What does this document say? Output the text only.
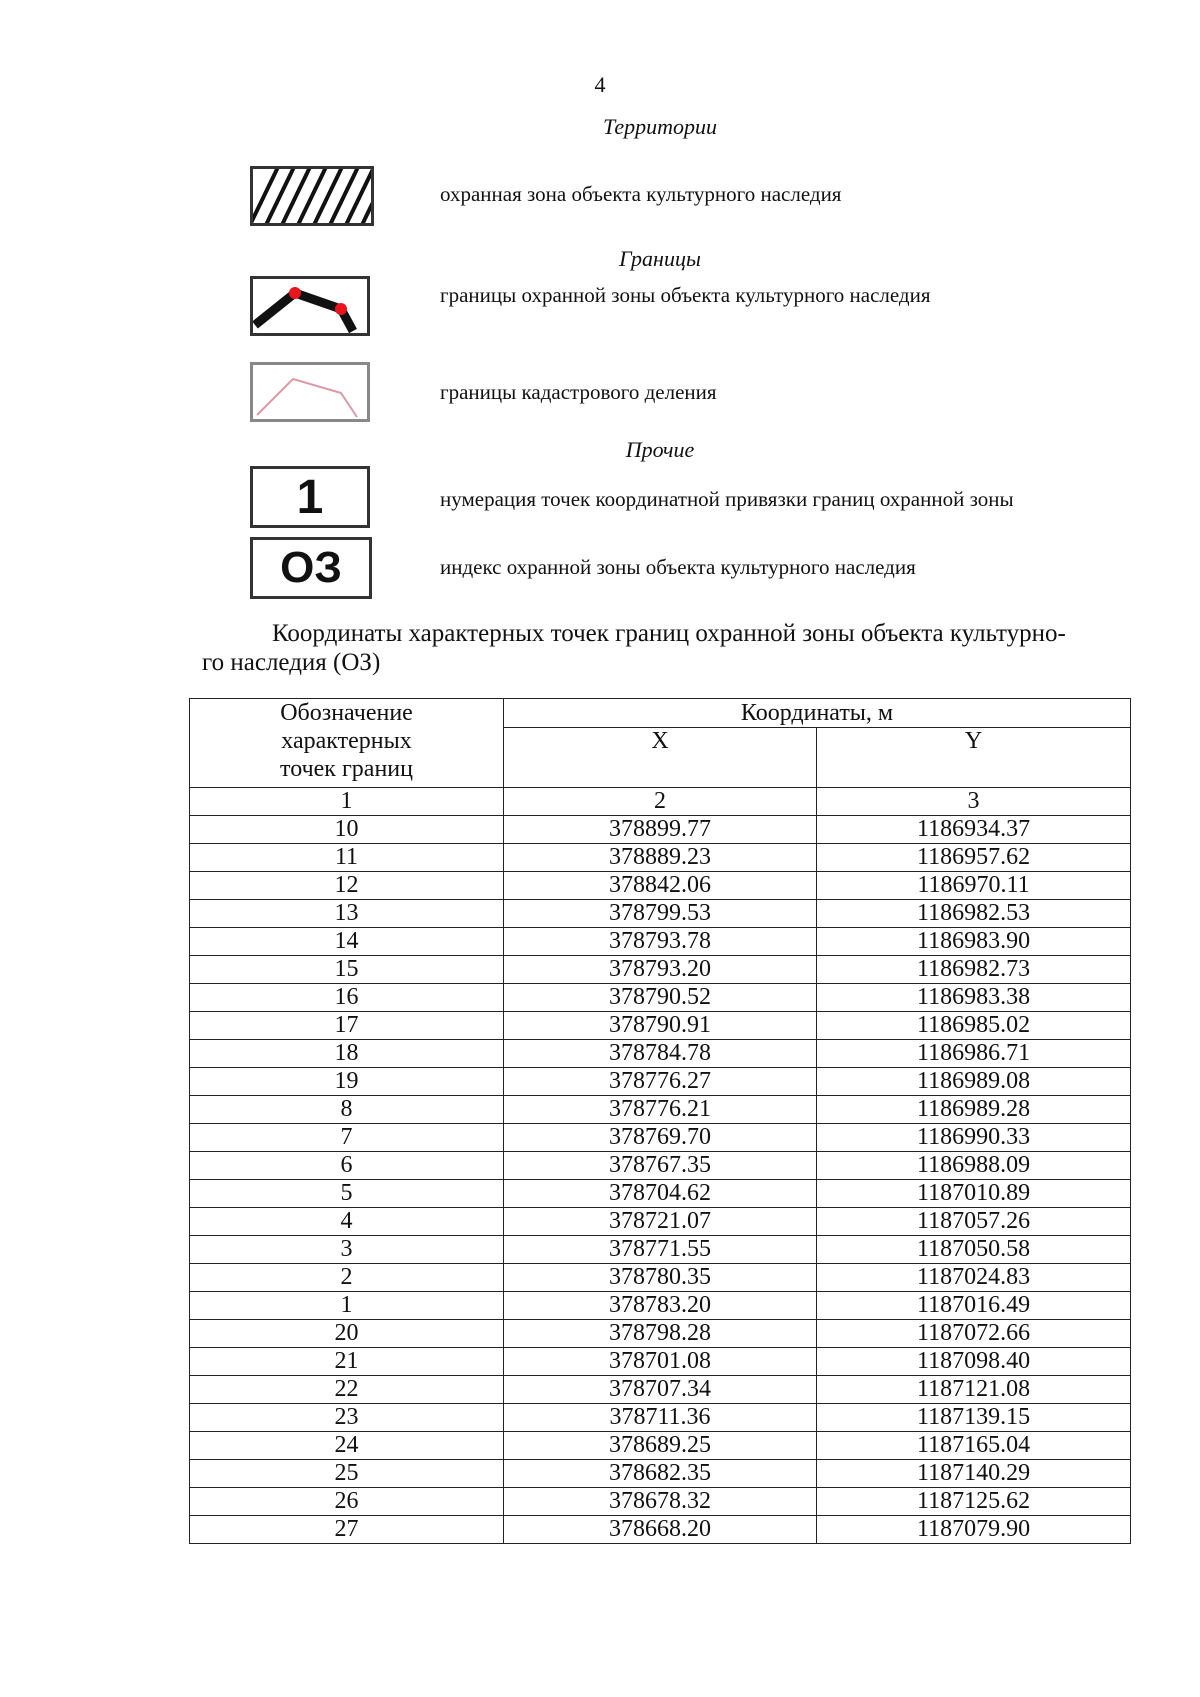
4
Территории
охранная зона объекта культурного наследия
Границы
границы охранной зоны объекта культурного наследия
границы кадастрового деления
Прочие
1	нумерация точек координатной привязки границ охранной зоны
ОЗ	индекс охранной зоны объекта культурного наследия
Координаты характерных точек границ охранной зоны объекта культурно-
го наследия (ОЗ)
Обозначение
характерных
точек границ	Координаты, м	
	X	Y
1	2	3
10	378899.77	1186934.37
11	378889.23	1186957.62
12	378842.06	1186970.11
13	378799.53	1186982.53
14	378793.78	1186983.90
15	378793.20	1186982.73
16	378790.52	1186983.38
17	378790.91	1186985.02
18	378784.78	1186986.71
19	378776.27	1186989.08
8	378776.21	1186989.28
7	378769.70	1186990.33
6	378767.35	1186988.09
5	378704.62	1187010.89
4	378721.07	1187057.26
3	378771.55	1187050.58
2	378780.35	1187024.83
1	378783.20	1187016.49
20	378798.28	1187072.66
21	378701.08	1187098.40
22	378707.34	1187121.08
23	378711.36	1187139.15
24	378689.25	1187165.04
25	378682.35	1187140.29
26	378678.32	1187125.62
27	378668.20	1187079.90
